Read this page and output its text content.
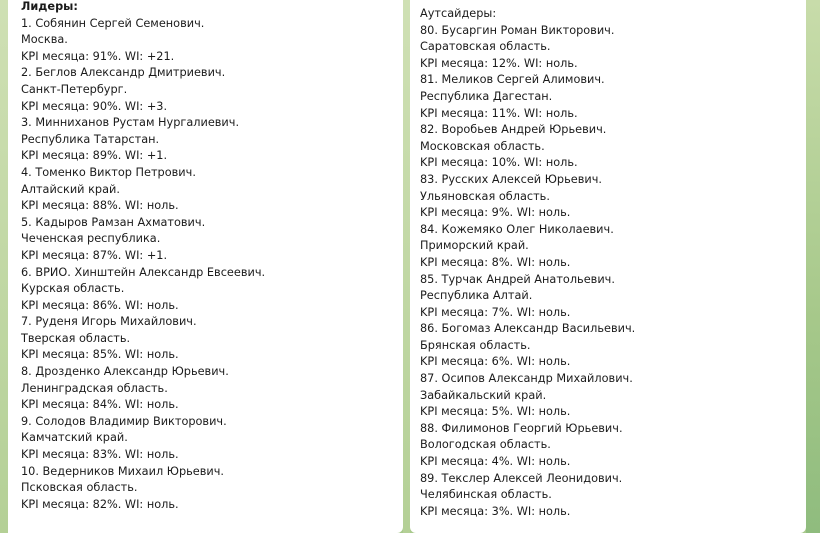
Лидеры:
1. Собянин Сергей Семенович.
Москва.
KPI месяца: 91%. WI: +21.
2. Беглов Александр Дмитриевич.
Санкт-Петербург.
KPI месяца: 90%. WI: +3.
3. Минниханов Рустам Нургалиевич.
Республика Татарстан.
KPI месяца: 89%. WI: +1.
4. Томенко Виктор Петрович.
Алтайский край.
KPI месяца: 88%. WI: ноль.
5. Кадыров Рамзан Ахматович.
Чеченская республика.
KPI месяца: 87%. WI: +1.
6. ВРИО. Хинштейн Александр Евсеевич.
Курская область.
KPI месяца: 86%. WI: ноль.
7. Руденя Игорь Михайлович.
Тверская область.
KPI месяца: 85%. WI: ноль.
8. Дрозденко Александр Юрьевич.
Ленинградская область.
KPI месяца: 84%. WI: ноль.
9. Солодов Владимир Викторович.
Камчатский край.
KPI месяца: 83%. WI: ноль.
10. Ведерников Михаил Юрьевич.
Псковская область.
KPI месяца: 82%. WI: ноль.
Аутсайдеры:
80. Бусаргин Роман Викторович.
Саратовская область.
KPI месяца: 12%. WI: ноль.
81. Меликов Сергей Алимович.
Республика Дагестан.
KPI месяца: 11%. WI: ноль.
82. Воробьев Андрей Юрьевич.
Московская область.
KPI месяца: 10%. WI: ноль.
83. Русских Алексей Юрьевич.
Ульяновская область.
KPI месяца: 9%. WI: ноль.
84. Кожемяко Олег Николаевич.
Приморский край.
KPI месяца: 8%. WI: ноль.
85. Турчак Андрей Анатольевич.
Республика Алтай.
KPI месяца: 7%. WI: ноль.
86. Богомаз Александр Васильевич.
Брянская область.
KPI месяца: 6%. WI: ноль.
87. Осипов Александр Михайлович.
Забайкальский край.
KPI месяца: 5%. WI: ноль.
88. Филимонов Георгий Юрьевич.
Вологодская область.
KPI месяца: 4%. WI: ноль.
89. Текслер Алексей Леонидович.
Челябинская область.
KPI месяца: 3%. WI: ноль.
